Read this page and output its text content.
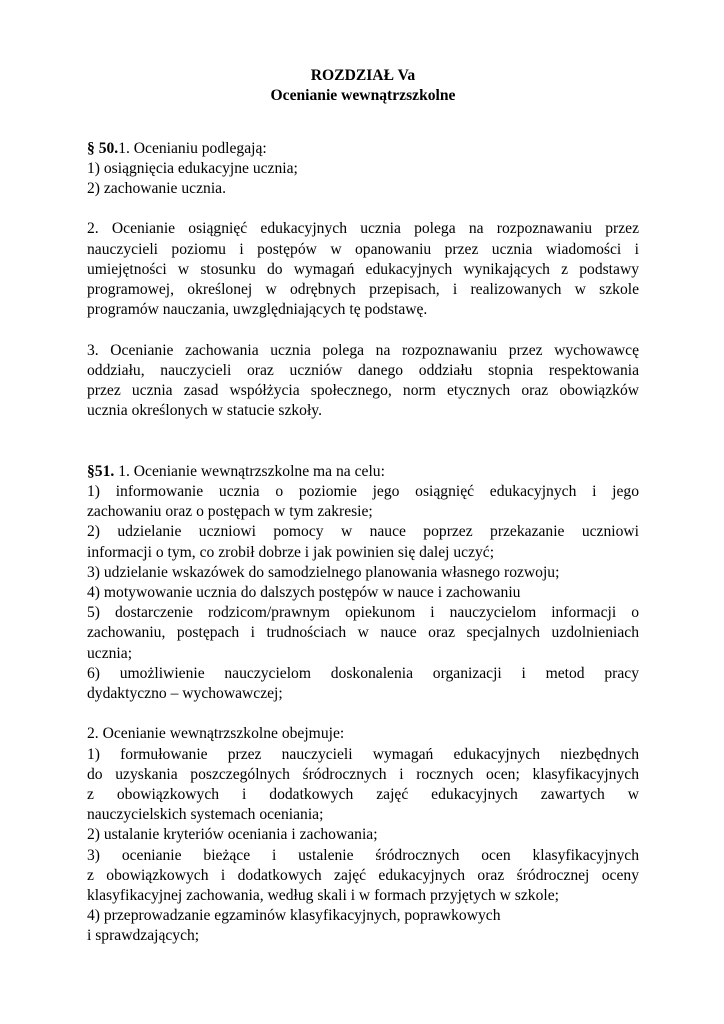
ROZDZIAŁ Va

Ocenianie wewnątrzszkolne

§ 50.1. Ocenianiu podlegają:

1) osiągnięcia edukacyjne ucznia;

2) zachowanie ucznia.

2. Ocenianie osiągnięć edukacyjnych ucznia polega na rozpoznawaniu przez

nauczycieli poziomu i postępów w opanowaniu przez ucznia wiadomości i

umiejętności w stosunku do wymagań edukacyjnych wynikających z podstawy

programowej, określonej w odrębnych przepisach, i realizowanych w szkole

programów nauczania, uwzględniających tę podstawę.

3. Ocenianie zachowania ucznia polega na rozpoznawaniu przez wychowawcę

oddziału, nauczycieli oraz uczniów danego oddziału stopnia respektowania

przez ucznia zasad współżycia społecznego, norm etycznych oraz obowiązków

ucznia określonych w statucie szkoły.

§51. 1. Ocenianie wewnątrzszkolne ma na celu:

1) informowanie ucznia o poziomie jego osiągnięć edukacyjnych i jego

zachowaniu oraz o postępach w tym zakresie;

2) udzielanie uczniowi pomocy w nauce poprzez przekazanie uczniowi

informacji o tym, co zrobił dobrze i jak powinien się dalej uczyć;

3) udzielanie wskazówek do samodzielnego planowania własnego rozwoju;

4) motywowanie ucznia do dalszych postępów w nauce i zachowaniu

5) dostarczenie rodzicom/prawnym opiekunom i nauczycielom informacji o

zachowaniu, postępach i trudnościach w nauce oraz specjalnych uzdolnieniach

ucznia;

6) umożliwienie nauczycielom doskonalenia organizacji i metod pracy

dydaktyczno – wychowawczej;

2. Ocenianie wewnątrzszkolne obejmuje:

1) formułowanie przez nauczycieli wymagań edukacyjnych niezbędnych

do uzyskania poszczególnych śródrocznych i rocznych ocen; klasyfikacyjnych

z obowiązkowych i dodatkowych zajęć edukacyjnych zawartych w

nauczycielskich systemach oceniania;

2) ustalanie kryteriów oceniania i zachowania;

3) ocenianie bieżące i ustalenie śródrocznych ocen klasyfikacyjnych

z obowiązkowych i dodatkowych zajęć edukacyjnych oraz śródrocznej oceny

klasyfikacyjnej zachowania, według skali i w formach przyjętych w szkole;

4) przeprowadzanie egzaminów klasyfikacyjnych, poprawkowych

i sprawdzających;
